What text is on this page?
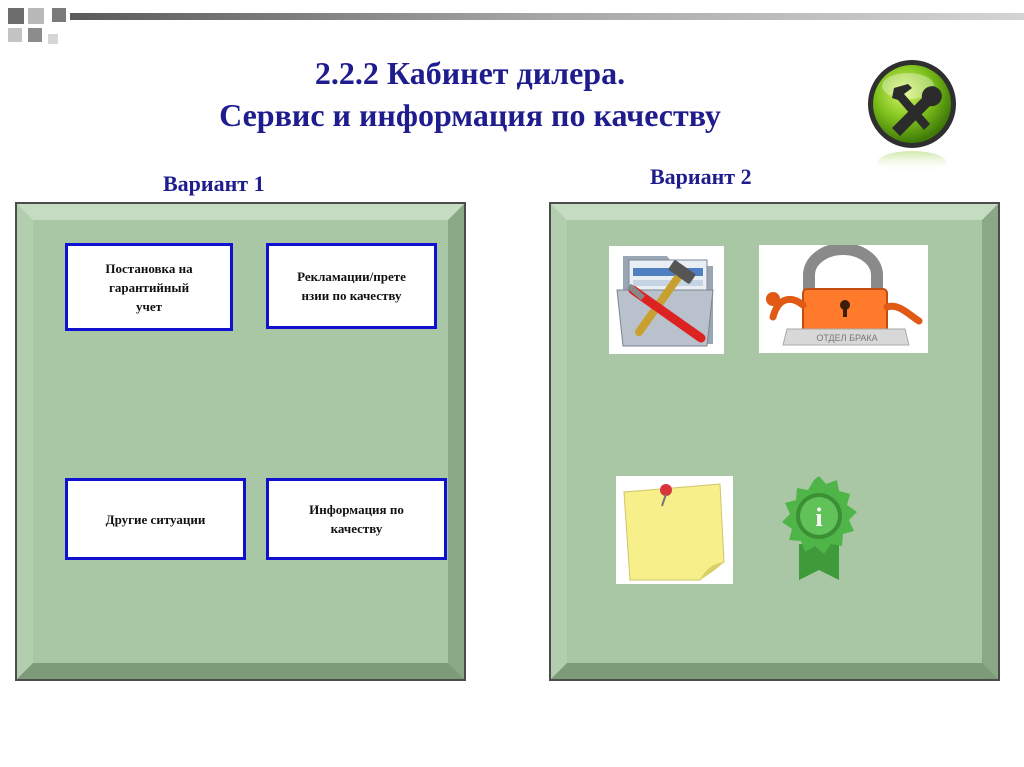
2.2.2 Кабинет дилера.
Сервис и информация по качеству
Вариант 1	Вариант 2
Постановка на
гарантийный
учет
Рекламации/прете
нзии по качеству
Другие ситуации
Информация по
качеству
ОТДЕЛ БРАКА
i
